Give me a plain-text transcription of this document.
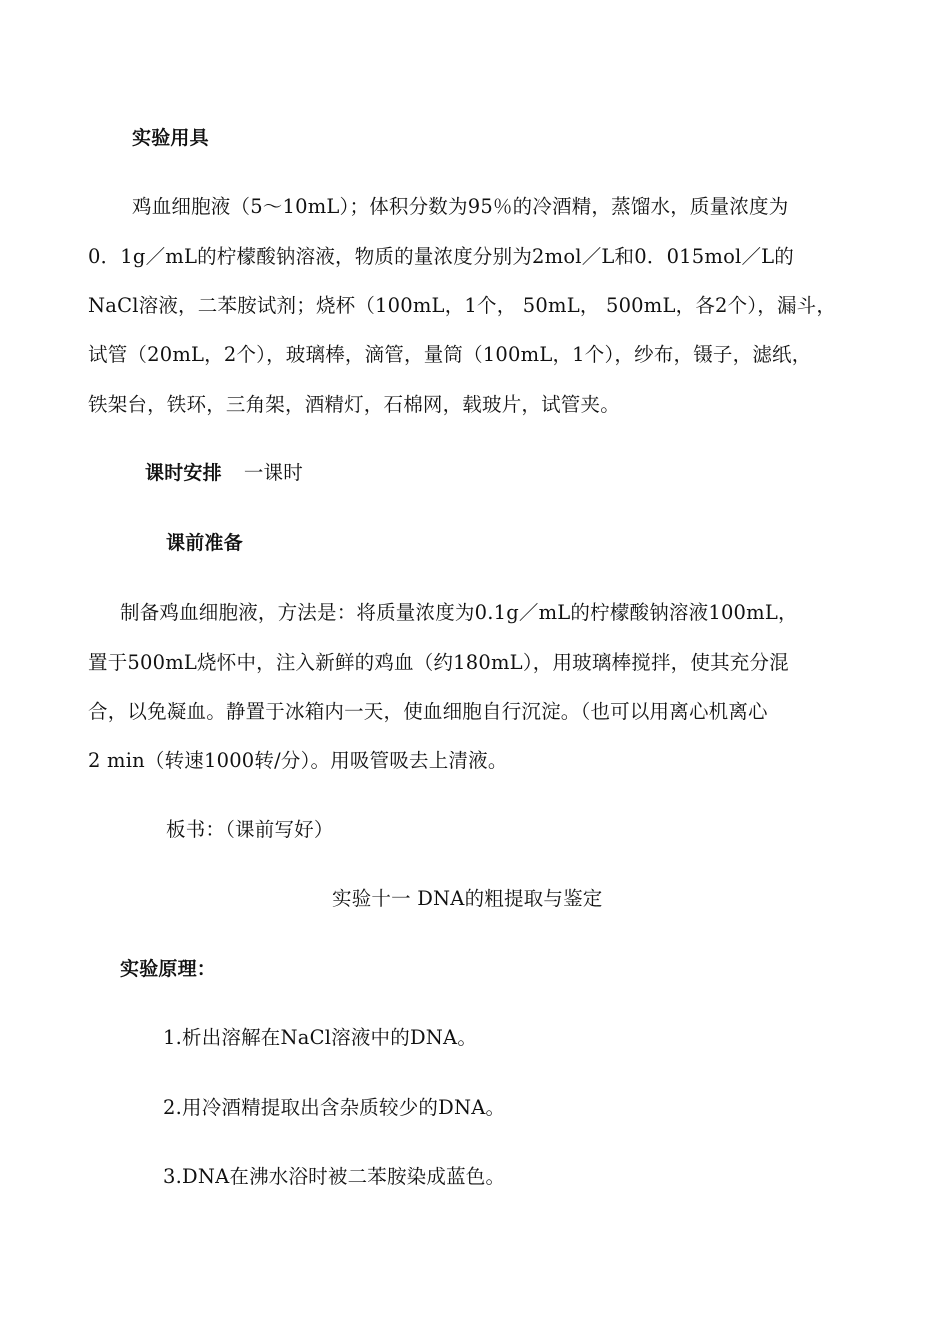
实验用具
鸡血细胞液（5～10mL）；体积分数为95％的冷酒精，蒸馏水，质量浓度为
0．1g／mL的柠檬酸钠溶液，物质的量浓度分别为2mol／L和0．015mol／L的
NaCl溶液，二苯胺试剂；烧杯（100mL，1个， 50mL， 500mL，各2个），漏斗，
试管（20mL，2个），玻璃棒，滴管，量筒（100mL，1个），纱布，镊子，滤纸，
铁架台，铁环，三角架，酒精灯，石棉网，载玻片，试管夹。
课时安排 一课时
课前准备
制备鸡血细胞液，方法是：将质量浓度为0.1g／mL的柠檬酸钠溶液100mL，
置于500mL烧怀中，注入新鲜的鸡血（约180mL），用玻璃棒搅拌，使其充分混
合，以免凝血。静置于冰箱内一天，使血细胞自行沉淀。（也可以用离心机离心
2 min（转速1000转/分）。用吸管吸去上清液。
板书：（课前写好）
实验十一 DNA的粗提取与鉴定
实验原理：
1.析出溶解在NaCl溶液中的DNA。
2.用冷酒精提取出含杂质较少的DNA。
3.DNA在沸水浴时被二苯胺染成蓝色。
